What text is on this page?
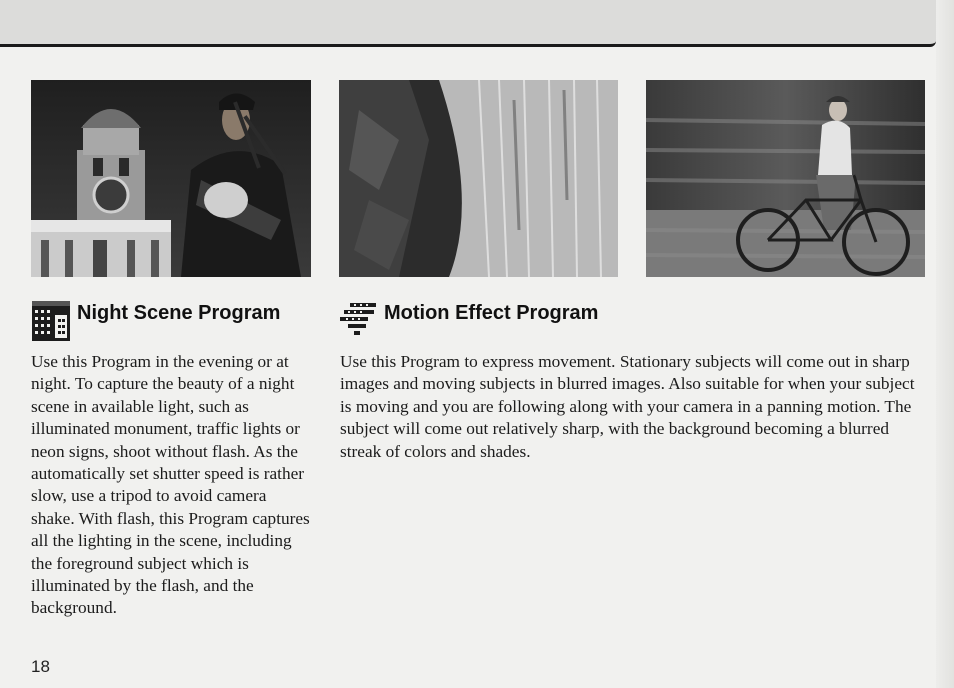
Night Scene Program	Motion Effect Program

Use this Program in the evening or at night. To capture the beauty of a night scene in available light, such as illuminated monument, traffic lights or neon signs, shoot without flash. As the automatically set shutter speed is rather slow, use a tripod to avoid camera shake. With flash, this Program captures all the lighting in the scene, including the foreground subject which is illuminated by the flash, and the background.

Use this Program to express movement. Stationary subjects will come out in sharp images and moving subjects in blurred images. Also suitable for when your subject is moving and you are following along with your camera in a panning motion. The subject will come out relatively sharp, with the background becoming a blurred streak of colors and shades.

18
